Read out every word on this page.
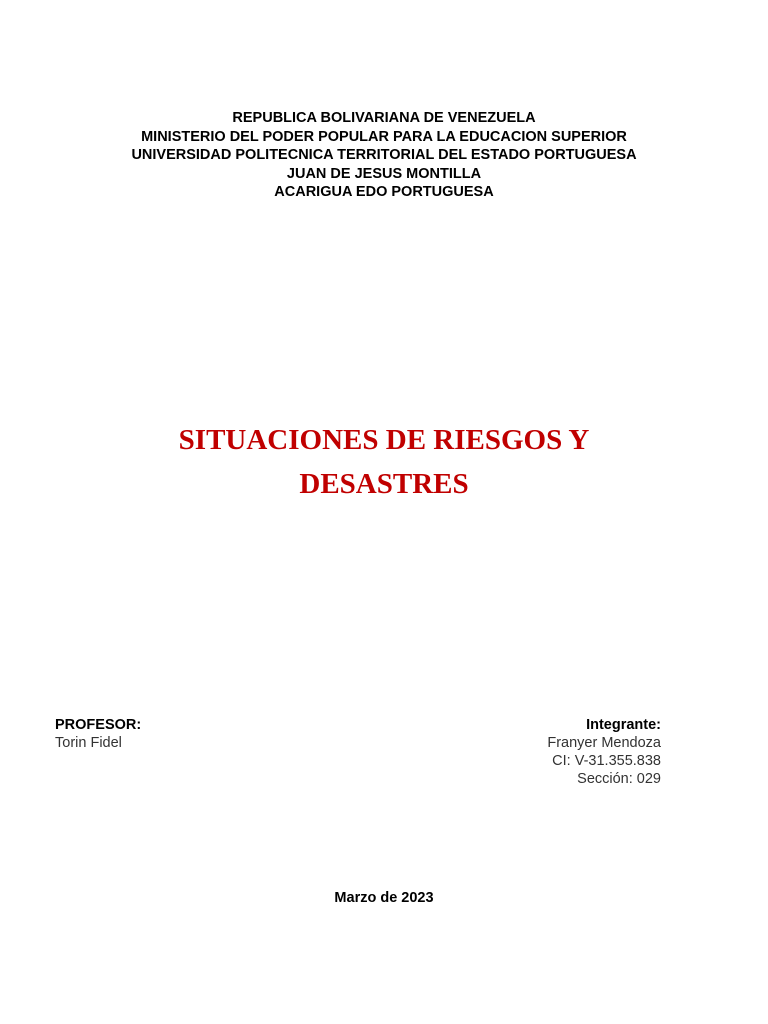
REPUBLICA BOLIVARIANA DE VENEZUELA
MINISTERIO DEL PODER POPULAR PARA LA EDUCACION SUPERIOR
UNIVERSIDAD POLITECNICA TERRITORIAL DEL ESTADO PORTUGUESA
JUAN DE JESUS MONTILLA
ACARIGUA EDO PORTUGUESA
SITUACIONES DE RIESGOS Y
DESASTRES
PROFESOR:
Torin Fidel
Integrante:
Franyer Mendoza
CI: V-31.355.838
Sección: 029
Marzo de 2023
